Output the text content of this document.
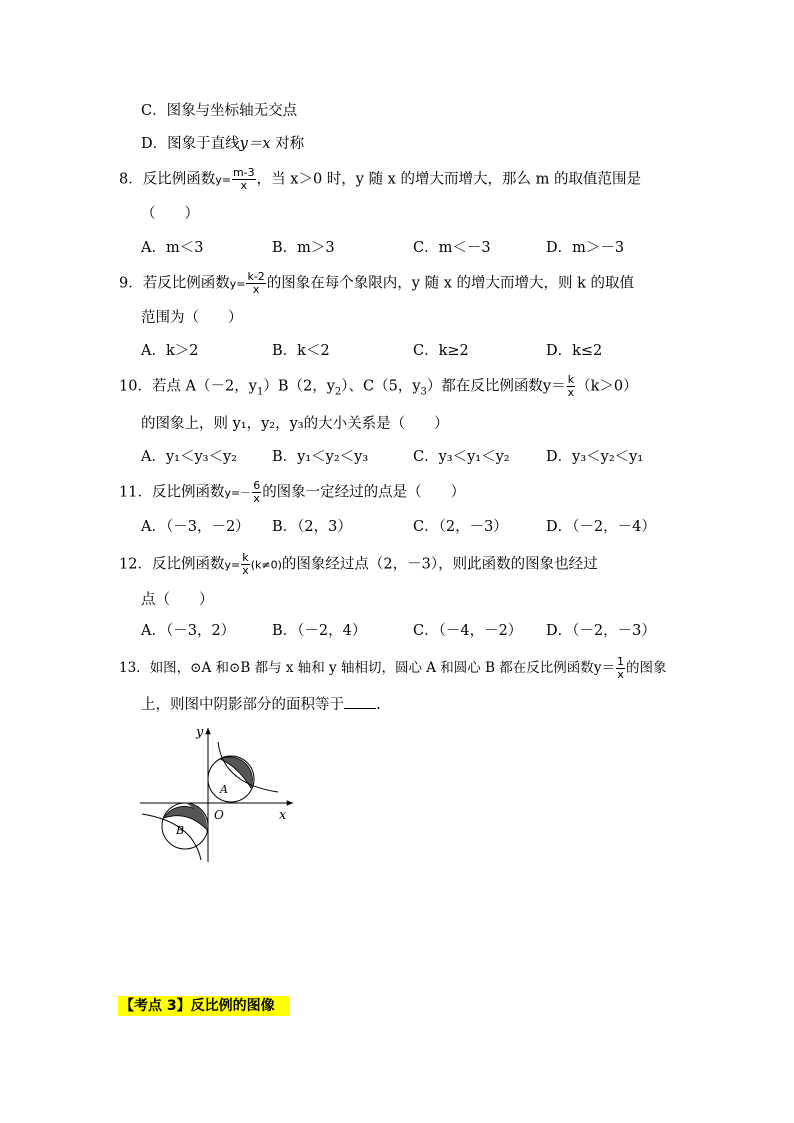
C．图象与坐标轴无交点
D．图象于直线y＝x 对称
8．反比例函数$y= \frac{m-3}{x}$ ，当 x＞0 时，y 随 x 的增大而增大，那么 m 的取值范围是
（　　）
A．m＜3	B．m＞3	C．m＜－3	D．m＞－3
9．若反比例函数$y= \frac{k-2}{x}$ 的图象在每个象限内，y 随 x 的增大而增大，则 k 的取值
范围为（　　）
A．k＞2	B．k＜2	C．k≥2	D．k≤2
10．若点 A（－2，$y_1)B(2$，$y_2$）、C（5，$y_3$）都在反比例函数$y= \frac{k}{x} (k>0)$
的图象上，则 y₁，y₂，y₃的大小关系是（　　）
A．y₁＜y₃＜y₂ B．y₁＜y₂＜y₃	C．y₃＜y₁＜y₂	D．y₃＜y₂＜y₁
11．反比例函数$y=- \frac{6}{x}$ 的图象一定经过的点是（　　）
A．（－3，－2） B．（2，3）	C．（2，－3）	D．（－2，－4）
12．反比例函数$y= \frac{k}{x} (k\ne 0)$的图象经过点（2，－3），则此函数的图象也经过
点（　　）
A．（－3，2）	B．（－2，4）	C．（－4，－2） D．（－2，－3）
13．如图，⊙A 和⊙B 都与 x 轴和 y 轴相切，圆心 A 和圆心 B 都在反比例函数$y= \frac{1}{x}$ 的图象
上，则图中阴影部分的面积等于 .
y
x
O
A
B
【考点 3】反比例的图像
